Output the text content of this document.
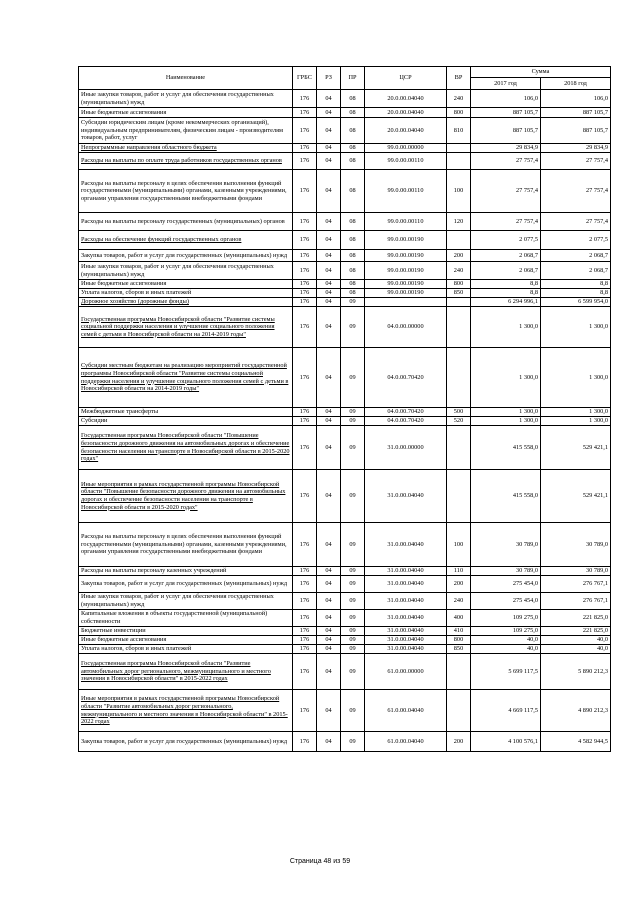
Наименование	ГРБС	РЗ	ПР	ЦСР	ВР	Сумма	
						2017 год	2018 год
Иные закупки товаров, работ и услуг для обеспечения государственных (муниципальных) нужд	176	04	08	20.0.00.04040	240	106,0	106,0
Иные бюджетные ассигнования	176	04	08	20.0.00.04040	800	887 105,7	887 105,7
Субсидии юридическим лицам (кроме некоммерческих организаций), индивидуальным предпринимателям, физическим лицам - производителям товаров, работ, услуг	176	04	08	20.0.00.04040	810	887 105,7	887 105,7
Непрограммные направления областного бюджета	176	04	08	99.0.00.00000		29 834,9	29 834,9
Расходы на выплаты по оплате труда работников государственных органов	176	04	08	99.0.00.00110		27 757,4	27 757,4
Расходы на выплаты персоналу в целях обеспечения выполнения функций государственными (муниципальными) органами, казенными учреждениями, органами управления государственными внебюджетными фондами	176	04	08	99.0.00.00110	100	27 757,4	27 757,4
Расходы на выплаты персоналу государственных (муниципальных) органов	176	04	08	99.0.00.00110	120	27 757,4	27 757,4
Расходы на обеспечение функций государственных органов	176	04	08	99.0.00.00190		2 077,5	2 077,5
Закупка товаров, работ и услуг для государственных (муниципальных) нужд	176	04	08	99.0.00.00190	200	2 068,7	2 068,7
Иные закупки товаров, работ и услуг для обеспечения государственных (муниципальных) нужд	176	04	08	99.0.00.00190	240	2 068,7	2 068,7
Иные бюджетные ассигнования	176	04	08	99.0.00.00190	800	8,8	8,8
Уплата налогов, сборов и иных платежей	176	04	08	99.0.00.00190	850	8,8	8,8
Дорожное хозяйство (дорожные фонды)	176	04	09			6 294 996,1	6 599 954,0
Государственная программа Новосибирской области "Развитие системы социальной поддержки населения и улучшение социального положения семей с детьми в Новосибирской области на 2014-2019 годы"	176	04	09	04.0.00.00000		1 300,0	1 300,0
Субсидии местным бюджетам на реализацию мероприятий государственной программы Новосибирской области "Развитие системы социальной поддержки населения и улучшение социального положения семей с детьми в Новосибирской области на 2014-2019 годы"	176	04	09	04.0.00.70420		1 300,0	1 300,0
Межбюджетные трансферты	176	04	09	04.0.00.70420	500	1 300,0	1 300,0
Субсидии	176	04	09	04.0.00.70420	520	1 300,0	1 300,0
Государственная программа Новосибирской области "Повышение безопасности дорожного движения на автомобильных дорогах и обеспечение безопасности населения на транспорте в Новосибирской области в 2015-2020 годах"	176	04	09	31.0.00.00000		415 558,0	529 421,1
Иные мероприятия в рамках государственной программы Новосибирской области "Повышение безопасности дорожного движения на автомобильных дорогах и обеспечение безопасности населения на транспорте в Новосибирской области в 2015-2020 годах"	176	04	09	31.0.00.04040		415 558,0	529 421,1
Расходы на выплаты персоналу в целях обеспечения выполнения функций государственными (муниципальными) органами, казенными учреждениями, органами управления государственными внебюджетными фондами	176	04	09	31.0.00.04040	100	30 789,0	30 789,0
Расходы на выплаты персоналу казенных учреждений	176	04	09	31.0.00.04040	110	30 789,0	30 789,0
Закупка товаров, работ и услуг для государственных (муниципальных) нужд	176	04	09	31.0.00.04040	200	275 454,0	276 767,1
Иные закупки товаров, работ и услуг для обеспечения государственных (муниципальных) нужд	176	04	09	31.0.00.04040	240	275 454,0	276 767,1
Капитальные вложения в объекты государственной (муниципальной) собственности	176	04	09	31.0.00.04040	400	109 275,0	221 825,0
Бюджетные инвестиции	176	04	09	31.0.00.04040	410	109 275,0	221 825,0
Иные бюджетные ассигнования	176	04	09	31.0.00.04040	800	40,0	40,0
Уплата налогов, сборов и иных платежей	176	04	09	31.0.00.04040	850	40,0	40,0
Государственная программа Новосибирской области "Развитие автомобильных дорог регионального, межмуниципального и местного значения в Новосибирской области" в 2015-2022 годах	176	04	09	61.0.00.00000		5 699 117,5	5 890 212,3
Иные мероприятия в рамках государственной программы Новосибирской области "Развитие автомобильных дорог регионального, межмуниципального и местного значения в Новосибирской области" в 2015-2022 годах	176	04	09	61.0.00.04040		4 669 117,5	4 890 212,3
Закупка товаров, работ и услуг для государственных (муниципальных) нужд	176	04	09	61.0.00.04040	200	4 100 576,1	4 582 944,5
Страница 48 из 59
